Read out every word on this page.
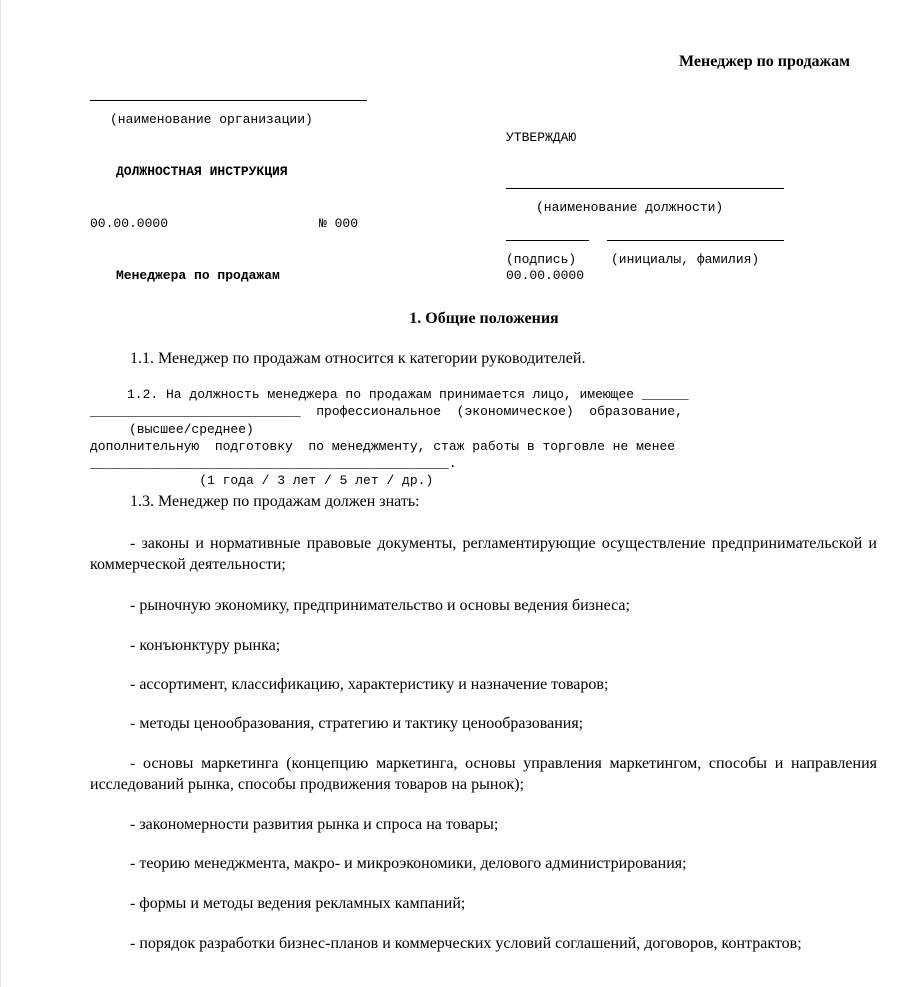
Менеджер по продажам
(наименование организации)
УТВЕРЖДАЮ
ДОЛЖНОСТНАЯ ИНСТРУКЦИЯ
(наименование должности)
00.00.0000	№ 000
(подпись)	(инициалы, фамилия)
Менеджера по продажам	00.00.0000
1. Общие положения
1.1. Менеджер по продажам относится к категории руководителей.
1.2. На должность менеджера по продажам принимается лицо, имеющее ______
___________________________  профессиональное  (экономическое)  образование,
(высшее/среднее)
дополнительную  подготовку  по менеджменту, стаж работы в торговле не менее
______________________________________________.
(1 года / 3 лет / 5 лет / др.)
1.3. Менеджер по продажам должен знать:
- законы и нормативные правовые документы, регламентирующие осуществление предпринимательской и коммерческой деятельности;
- рыночную экономику, предпринимательство и основы ведения бизнеса;
- конъюнктуру рынка;
- ассортимент, классификацию, характеристику и назначение товаров;
- методы ценообразования, стратегию и тактику ценообразования;
- основы маркетинга (концепцию маркетинга, основы управления маркетингом, способы и направления исследований рынка, способы продвижения товаров на рынок);
- закономерности развития рынка и спроса на товары;
- теорию менеджмента, макро- и микроэкономики, делового администрирования;
- формы и методы ведения рекламных кампаний;
- порядок разработки бизнес-планов и коммерческих условий соглашений, договоров, контрактов;
